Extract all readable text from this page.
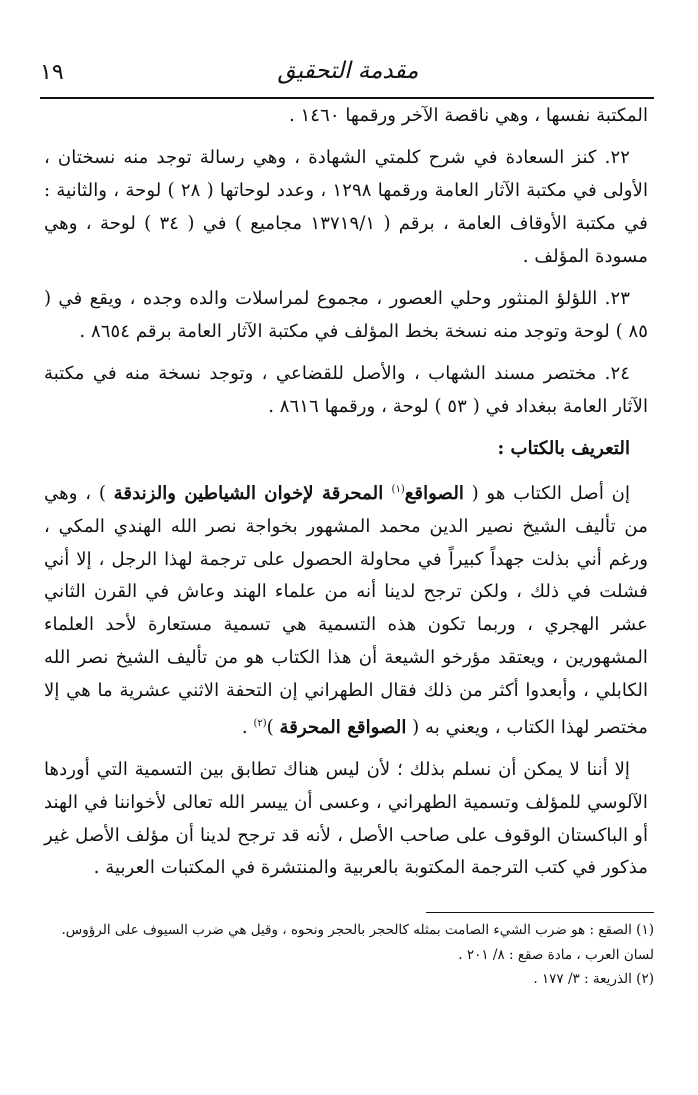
مقدمة التحقيق
١٩

المكتبة نفسها ، وهي ناقصة الآخر ورقمها ١٤٦٠ .

٢٢. كنز السعادة في شرح كلمتي الشهادة ، وهي رسالة توجد منه نسختان ، الأولى في مكتبة الآثار العامة ورقمها ١٢٩٨ ، وعدد لوحاتها ( ٢٨ ) لوحة ، والثانية : في مكتبة الأوقاف العامة ، برقم ( ١٣٧١٩/١ مجاميع ) في ( ٣٤ ) لوحة ، وهي مسودة المؤلف .

٢٣. اللؤلؤ المنثور وحلي العصور ، مجموع لمراسلات والده وجده ، ويقع في ( ٨٥ ) لوحة وتوجد منه نسخة بخط المؤلف في مكتبة الآثار العامة برقم ٨٦٥٤ .

٢٤. مختصر مسند الشهاب ، والأصل للقضاعي ، وتوجد نسخة منه في مكتبة الآثار العامة ببغداد في ( ٥٣ ) لوحة ، ورقمها ٨٦١٦ .

التعريف بالكتاب :

إن أصل الكتاب هو ( الصواقع$^{(١)}$ المحرقة لإخوان الشياطين والزندقة ) ، وهي من تأليف الشيخ نصير الدين محمد المشهور بخواجة نصر الله الهندي المكي ، ورغم أني بذلت جهداً كبيراً في محاولة الحصول على ترجمة لهذا الرجل ، إلا أني فشلت في ذلك ، ولكن ترجح لدينا أنه من علماء الهند وعاش في القرن الثاني عشر الهجري ، وربما تكون هذه التسمية هي تسمية مستعارة لأحد العلماء المشهورين ، ويعتقد مؤرخو الشيعة أن هذا الكتاب هو من تأليف الشيخ نصر الله الكابلي ، وأبعدوا أكثر من ذلك فقال الطهراني إن التحفة الاثني عشرية ما هي إلا مختصر لهذا الكتاب ، ويعني به ( الصواقع المحرقة )$^{(٢)}$ .

إلا أننا لا يمكن أن نسلم بذلك ؛ لأن ليس هناك تطابق بين التسمية التي أوردها الآلوسي للمؤلف وتسمية الطهراني ، وعسى أن ييسر الله تعالى لأخواننا في الهند أو الباكستان الوقوف على صاحب الأصل ، لأنه قد ترجح لدينا أن مؤلف الأصل غير مذكور في كتب الترجمة المكتوبة بالعربية والمنتشرة في المكتبات العربية .

(١) الصقع : هو ضرب الشيء الصامت بمثله كالحجر بالحجر ونحوه ، وقيل هي ضرب السيوف على الرؤوس.

لسان العرب ، مادة صقع : ٨/ ٢٠١ .

(٢) الذريعة : ٣/ ١٧٧ .
